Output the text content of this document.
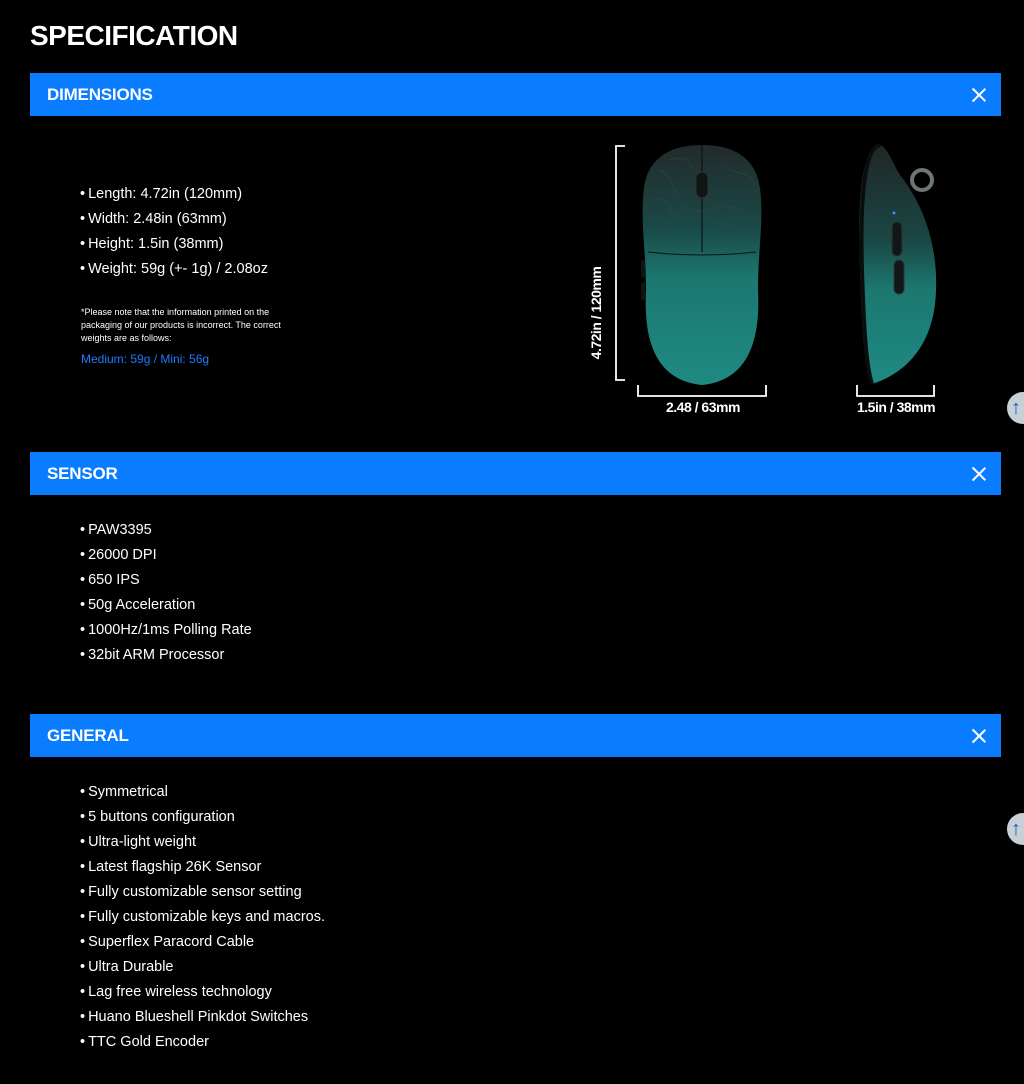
SPECIFICATION
DIMENSIONS
• Length: 4.72in (120mm)
• Width: 2.48in (63mm)
• Height: 1.5in (38mm)
• Weight: 59g (+- 1g) / 2.08oz
*Please note that the information printed on the packaging of our products is incorrect. The correct weights are as follows:
Medium: 59g / Mini: 56g	4.72in / 120mm
2.48 / 63mm	1.5in / 38mm	↑
SENSOR
• PAW3395
• 26000 DPI
• 650 IPS
• 50g Acceleration
• 1000Hz/1ms Polling Rate
• 32bit ARM Processor
GENERAL
↑
• Symmetrical
• 5 buttons configuration
• Ultra-light weight
• Latest flagship 26K Sensor
• Fully customizable sensor setting
• Fully customizable keys and macros.
• Superflex Paracord Cable
• Ultra Durable
• Lag free wireless technology
• Huano Blueshell Pinkdot Switches
• TTC Gold Encoder
